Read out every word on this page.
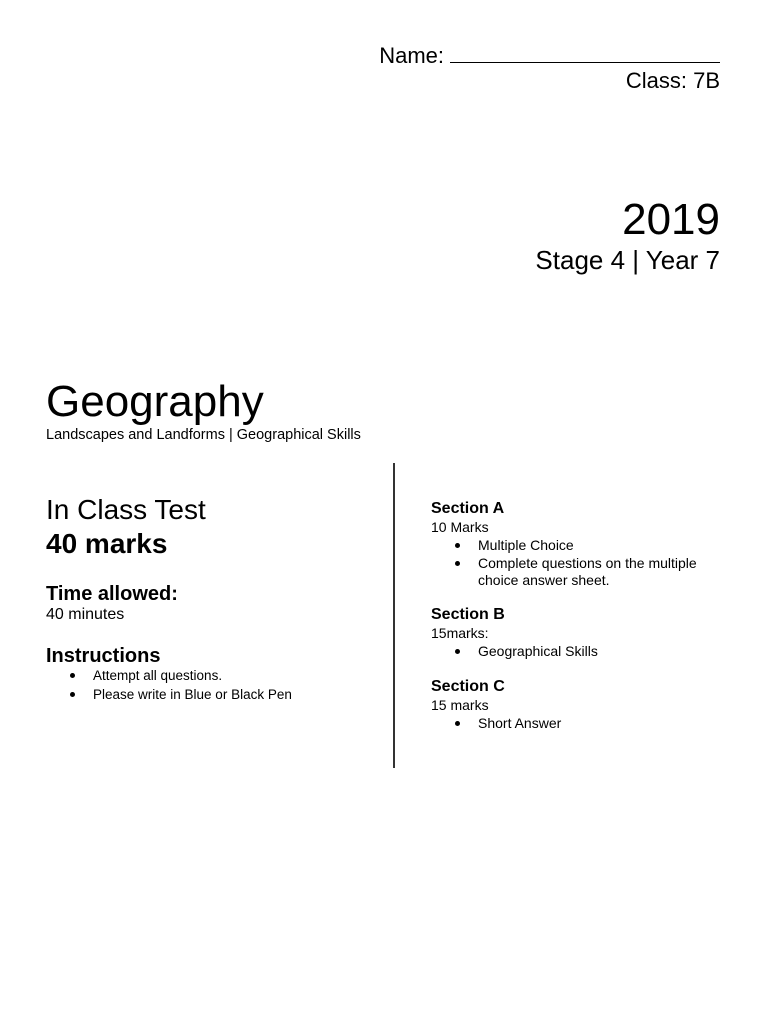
Name:
Class: 7B
2019
Stage 4 | Year 7
Geography
Landscapes and Landforms | Geographical Skills
In Class Test
40 marks
Time allowed:
40 minutes
Instructions
Attempt all questions.
Please write in Blue or Black Pen
Section A
10 Marks
Multiple Choice
Complete questions on the multiple choice answer sheet.
Section B
15marks:
Geographical Skills
Section C
15 marks
Short Answer
